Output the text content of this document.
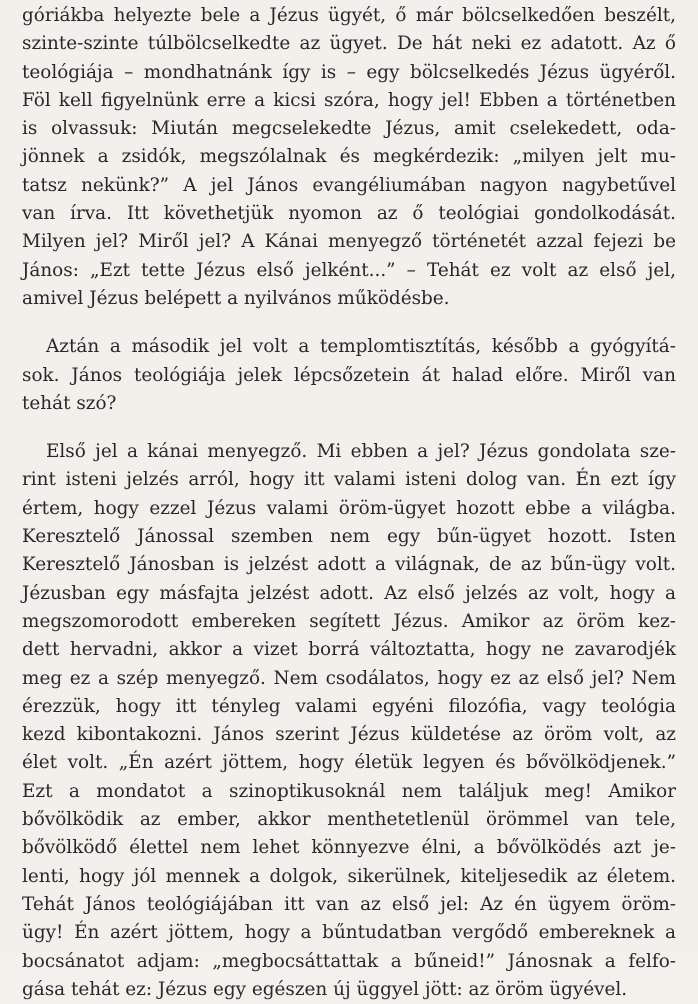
góriákba helyezte bele a Jézus ügyét, ő már bölcselkedően beszélt,
szinte-szinte túlbölcselkedte az ügyet. De hát neki ez adatott. Az ő
teológiája – mondhatnánk így is – egy bölcselkedés Jézus ügyéről.
Föl kell figyelnünk erre a kicsi szóra, hogy jel! Ebben a történetben
is olvassuk: Miután megcselekedte Jézus, amit cselekedett, oda-
jönnek a zsidók, megszólalnak és megkérdezik: „milyen jelt mu-
tatsz nekünk?” A jel János evangéliumában nagyon nagybetűvel
van írva. Itt követhetjük nyomon az ő teológiai gondolkodását.
Milyen jel? Miről jel? A Kánai menyegző történetét azzal fejezi be
János: „Ezt tette Jézus első jelként...” – Tehát ez volt az első jel,
amivel Jézus belépett a nyilvános működésbe.
Aztán a második jel volt a templomtisztítás, később a gyógyítá-
sok. János teológiája jelek lépcsőzetein át halad előre. Miről van
tehát szó?
Első jel a kánai menyegző. Mi ebben a jel? Jézus gondolata sze-
rint isteni jelzés arról, hogy itt valami isteni dolog van. Én ezt így
értem, hogy ezzel Jézus valami öröm-ügyet hozott ebbe a világba.
Keresztelő Jánossal szemben nem egy bűn-ügyet hozott. Isten
Keresztelő Jánosban is jelzést adott a világnak, de az bűn-ügy volt.
Jézusban egy másfajta jelzést adott. Az első jelzés az volt, hogy a
megszomorodott embereken segített Jézus. Amikor az öröm kez-
dett hervadni, akkor a vizet borrá változtatta, hogy ne zavarodjék
meg ez a szép menyegző. Nem csodálatos, hogy ez az első jel? Nem
érezzük, hogy itt tényleg valami egyéni filozófia, vagy teológia
kezd kibontakozni. János szerint Jézus küldetése az öröm volt, az
élet volt. „Én azért jöttem, hogy életük legyen és bővölködjenek.”
Ezt a mondatot a szinoptikusoknál nem találjuk meg! Amikor
bővölködik az ember, akkor menthetetlenül örömmel van tele,
bővölködő élettel nem lehet könnyezve élni, a bővölködés azt je-
lenti, hogy jól mennek a dolgok, sikerülnek, kiteljesedik az életem.
Tehát János teológiájában itt van az első jel: Az én ügyem öröm-
ügy! Én azért jöttem, hogy a bűntudatban vergődő embereknek a
bocsánatot adjam: „megbocsáttattak a bűneid!” Jánosnak a felfo-
gása tehát ez: Jézus egy egészen új üggyel jött: az öröm ügyével.
